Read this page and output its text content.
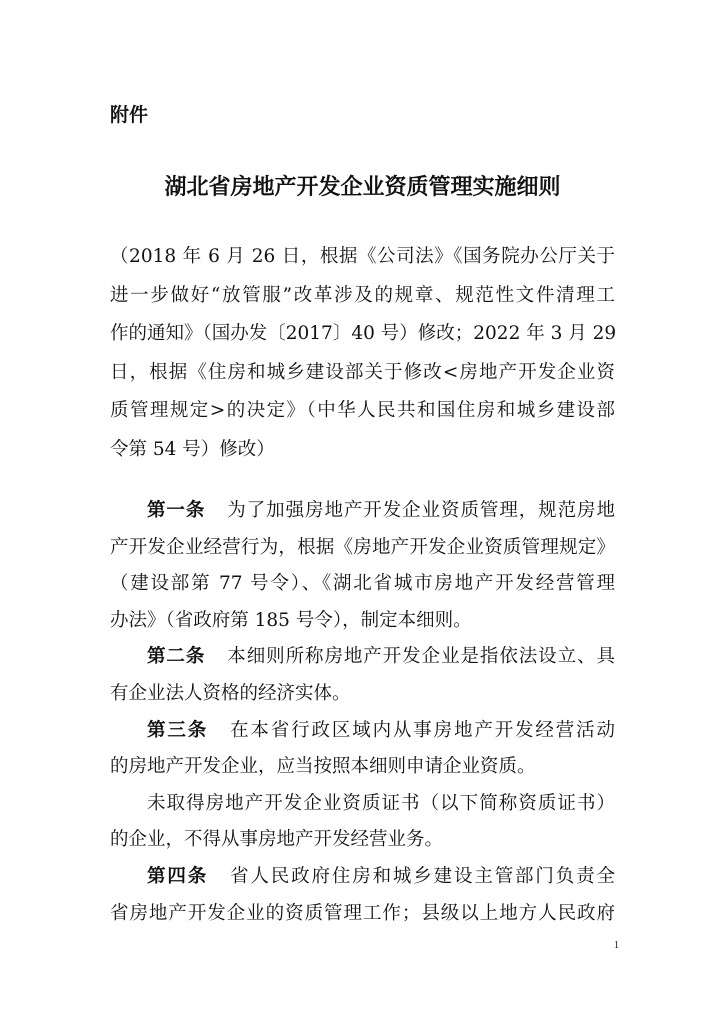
附件
湖北省房地产开发企业资质管理实施细则
（2018 年 6 月 26 日，根据《公司法》《国务院办公厅关于
进一步做好“放管服”改革涉及的规章、规范性文件清理工
作的通知》（国办发〔2017〕40 号）修改；2022 年 3 月 29
日，根据《住房和城乡建设部关于修改<房地产开发企业资
质管理规定>的决定》（中华人民共和国住房和城乡建设部
令第 54 号）修改）
第一条 为了加强房地产开发企业资质管理，规范房地
产开发企业经营行为，根据《房地产开发企业资质管理规定》
（建设部第 77 号令）、《湖北省城市房地产开发经营管理
办法》（省政府第 185 号令），制定本细则。
第二条 本细则所称房地产开发企业是指依法设立、具
有企业法人资格的经济实体。
第三条 在本省行政区域内从事房地产开发经营活动
的房地产开发企业，应当按照本细则申请企业资质。
未取得房地产开发企业资质证书（以下简称资质证书）
的企业，不得从事房地产开发经营业务。
第四条 省人民政府住房和城乡建设主管部门负责全
省房地产开发企业的资质管理工作；县级以上地方人民政府
1
